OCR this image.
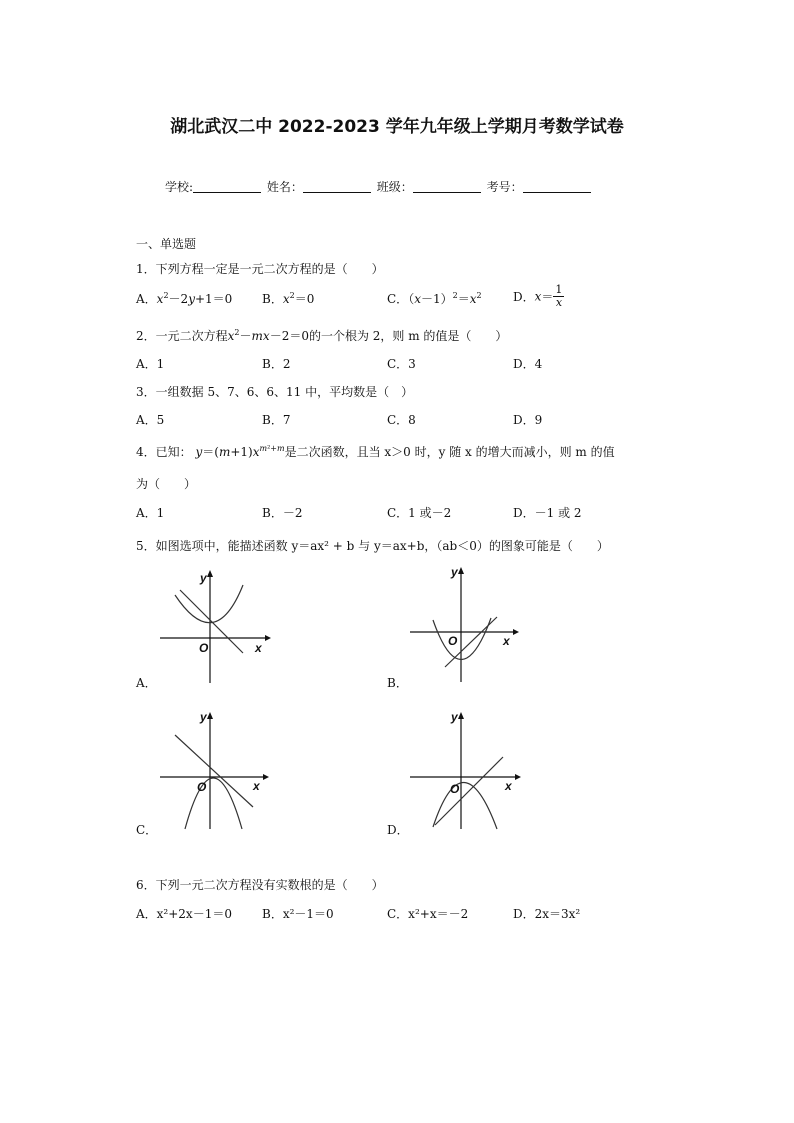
湖北武汉二中 2022-2023 学年九年级上学期月考数学试卷
学校:	姓名：	班级：	考号：
一、单选题
1．下列方程一定是一元二次方程的是（　　）
A．$x^2-2y+1=0$ B．$x^2=0$	C．$(x-1)^2=x^2$	D．$x= \frac{1}{x}$
2．一元二次方程$x^2-mx-2=0$的一个根为 2，则 m 的值是（　　）
A．1	B．2	C．3	D．4
3．一组数据 5、7、6、6、11 中，平均数是（　）
A．5	B．7	C．8	D．9
4．已知： $y=(m+1)x^{m^2+m}$是二次函数，且当 x＞0 时，y 随 x 的增大而减小，则 m 的值
为（　　）
A．1	B．－2	C．1 或－2	D．－1 或 2
5．如图选项中，能描述函数 y＝ax² + b 与 y＝ax+b，（ab＜0）的图象可能是（　　）
O	x
y
A．
O	x
y
B．
O	x
y
C．
O	x
y
D．
6．下列一元二次方程没有实数根的是（　　）
A．x²+2x－1＝0	B．x²－1＝0	C．x²+x＝－2	D．2x＝3x²
